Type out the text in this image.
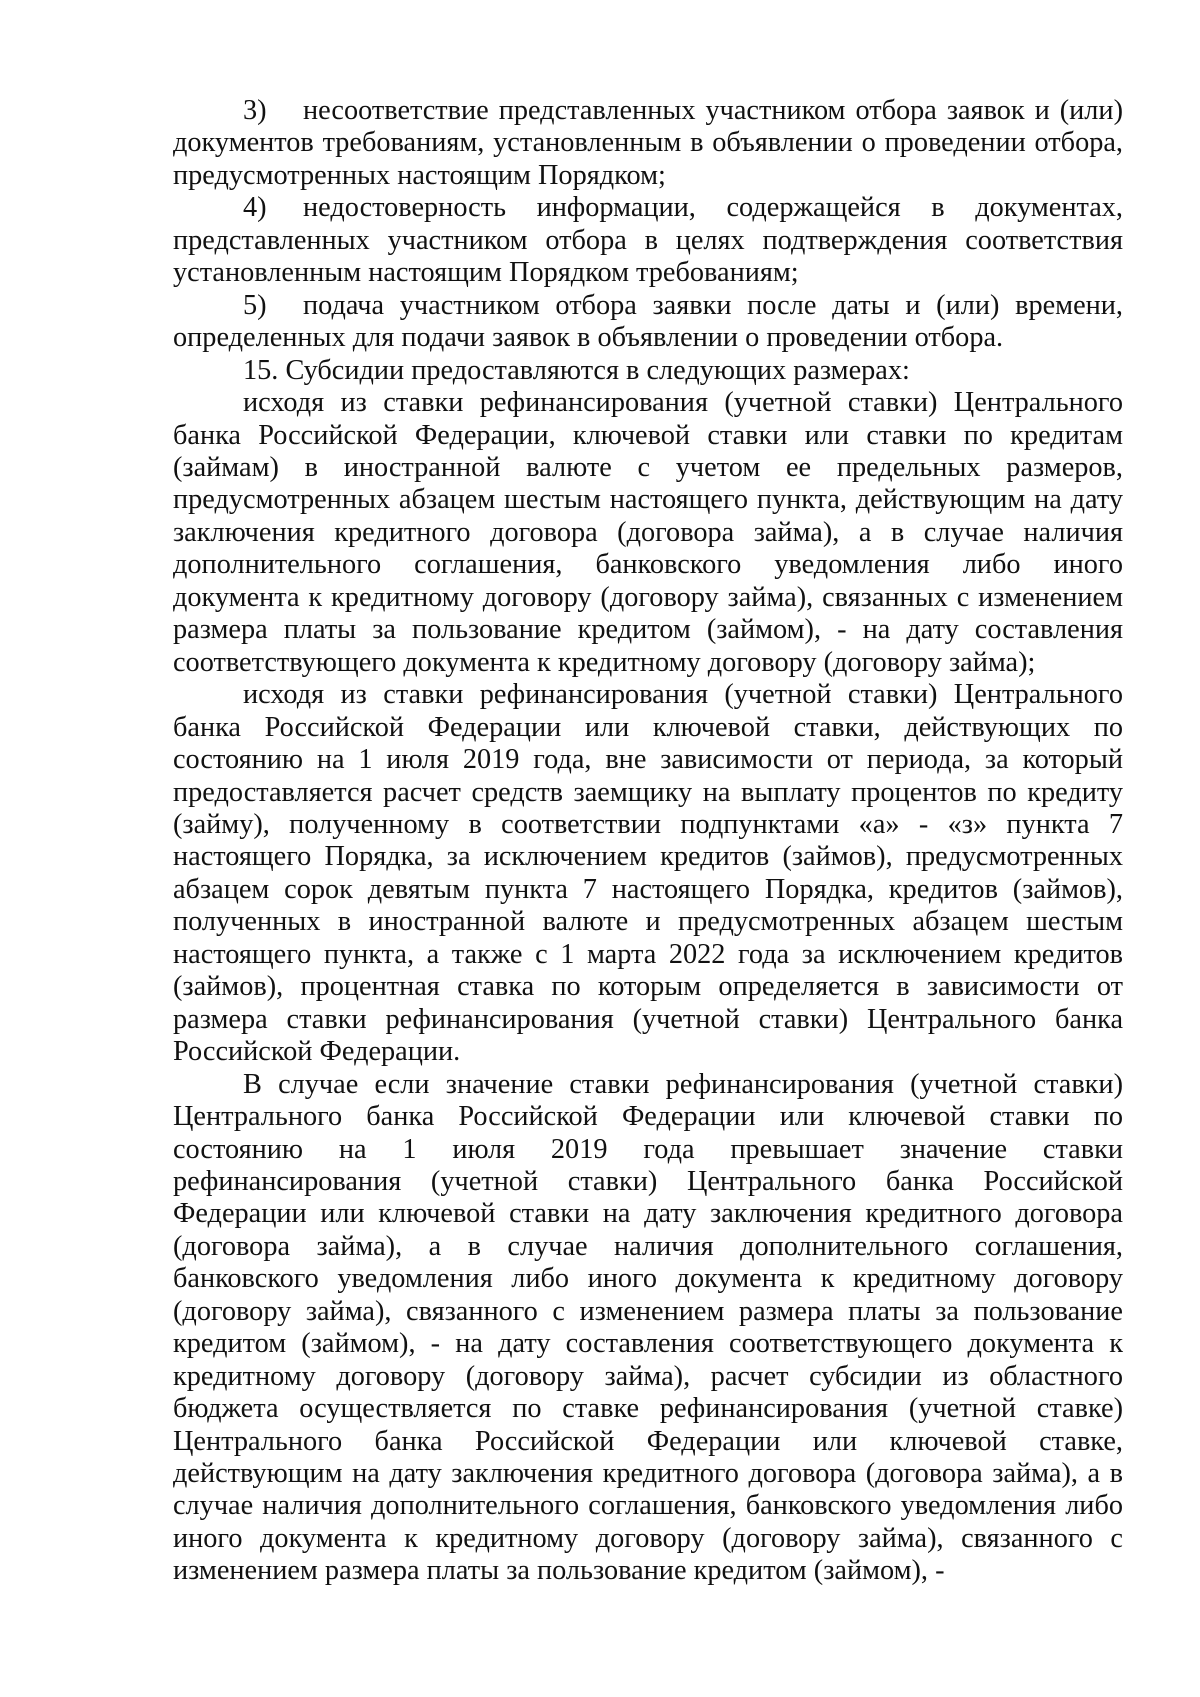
3) несоответствие представленных участником отбора заявок и (или) документов требованиям, установленным в объявлении о проведении отбора, предусмотренных настоящим Порядком;

4) недостоверность информации, содержащейся в документах, представленных участником отбора в целях подтверждения соответствия установленным настоящим Порядком требованиям;

5) подача участником отбора заявки после даты и (или) времени, определенных для подачи заявок в объявлении о проведении отбора.

15. Субсидии предоставляются в следующих размерах:

исходя из ставки рефинансирования (учетной ставки) Центрального банка Российской Федерации, ключевой ставки или ставки по кредитам (займам) в иностранной валюте с учетом ее предельных размеров, предусмотренных абзацем шестым настоящего пункта, действующим на дату заключения кредитного договора (договора займа), а в случае наличия дополнительного соглашения, банковского уведомления либо иного документа к кредитному договору (договору займа), связанных с изменением размера платы за пользование кредитом (займом), - на дату составления соответствующего документа к кредитному договору (договору займа);

исходя из ставки рефинансирования (учетной ставки) Центрального банка Российской Федерации или ключевой ставки, действующих по состоянию на 1 июля 2019 года, вне зависимости от периода, за который предоставляется расчет средств заемщику на выплату процентов по кредиту (займу), полученному в соответствии подпунктами «а» - «з» пункта 7 настоящего Порядка, за исключением кредитов (займов), предусмотренных абзацем сорок девятым пункта 7 настоящего Порядка, кредитов (займов), полученных в иностранной валюте и предусмотренных абзацем шестым настоящего пункта, а также с 1 марта 2022 года за исключением кредитов (займов), процентная ставка по которым определяется в зависимости от размера ставки рефинансирования (учетной ставки) Центрального банка Российской Федерации.

В случае если значение ставки рефинансирования (учетной ставки) Центрального банка Российской Федерации или ключевой ставки по состоянию на 1 июля 2019 года превышает значение ставки рефинансирования (учетной ставки) Центрального банка Российской Федерации или ключевой ставки на дату заключения кредитного договора (договора займа), а в случае наличия дополнительного соглашения, банковского уведомления либо иного документа к кредитному договору (договору займа), связанного с изменением размера платы за пользование кредитом (займом), - на дату составления соответствующего документа к кредитному договору (договору займа), расчет субсидии из областного бюджета осуществляется по ставке рефинансирования (учетной ставке) Центрального банка Российской Федерации или ключевой ставке, действующим на дату заключения кредитного договора (договора займа), а в случае наличия дополнительного соглашения, банковского уведомления либо иного документа к кредитному договору (договору займа), связанного с изменением размера платы за пользование кредитом (займом), -
